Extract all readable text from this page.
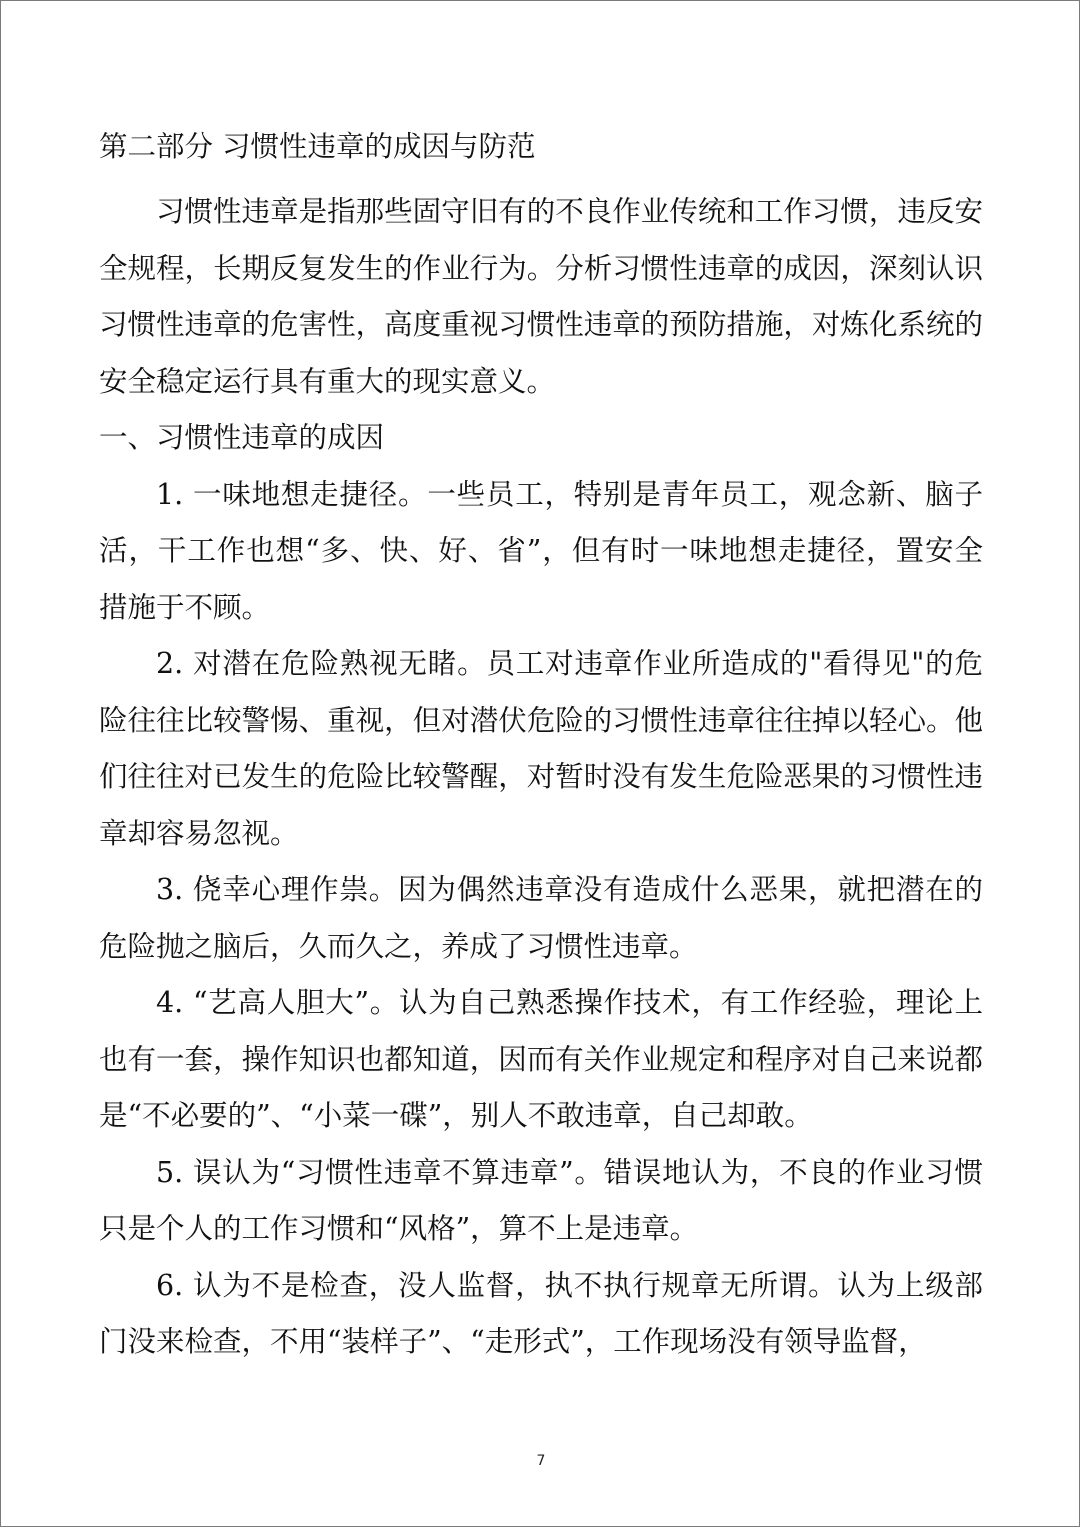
第二部分 习惯性违章的成因与防范

习惯性违章是指那些固守旧有的不良作业传统和工作习惯，违反安全规程，长期反复发生的作业行为。分析习惯性违章的成因，深刻认识习惯性违章的危害性，高度重视习惯性违章的预防措施，对炼化系统的安全稳定运行具有重大的现实意义。

一、习惯性违章的成因

1. 一味地想走捷径。一些员工，特别是青年员工，观念新、脑子活，干工作也想“多、快、好、省”，但有时一味地想走捷径，置安全措施于不顾。

2. 对潜在危险熟视无睹。员工对违章作业所造成的"看得见"的危险往往比较警惕、重视，但对潜伏危险的习惯性违章往往掉以轻心。他们往往对已发生的危险比较警醒，对暂时没有发生危险恶果的习惯性违章却容易忽视。

3. 侥幸心理作祟。因为偶然违章没有造成什么恶果，就把潜在的危险抛之脑后，久而久之，养成了习惯性违章。

4. “艺高人胆大”。认为自己熟悉操作技术，有工作经验，理论上也有一套，操作知识也都知道，因而有关作业规定和程序对自己来说都是“不必要的”、“小菜一碟”，别人不敢违章，自己却敢。

5. 误认为“习惯性违章不算违章”。错误地认为，不良的作业习惯只是个人的工作习惯和“风格”，算不上是违章。

6. 认为不是检查，没人监督，执不执行规章无所谓。认为上级部门没来检查，不用“装样子”、“走形式”，工作现场没有领导监督，

7
